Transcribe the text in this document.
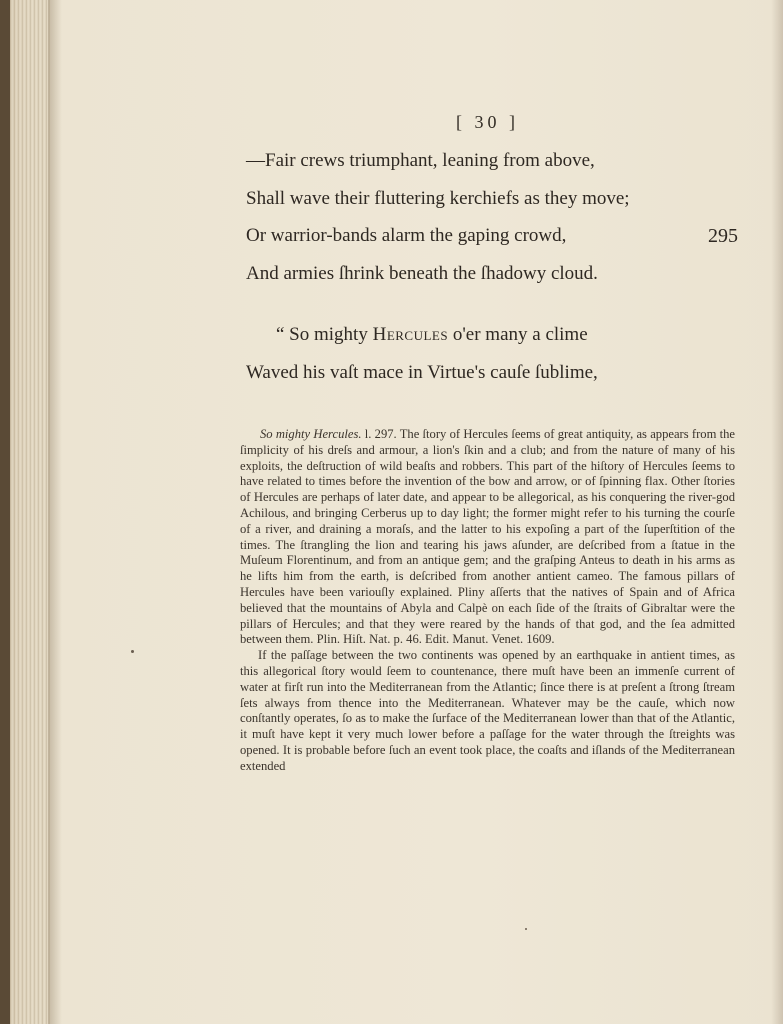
[ 30 ]
—Fair crews triumphant, leaning from above,
Shall wave their fluttering kerchiefs as they move;
Or warrior-bands alarm the gaping crowd,	295
And armies ſhrink beneath the ſhadowy cloud.
“ So mighty Hercules o'er many a clime
Waved his vaſt mace in Virtue's cauſe ſublime,

So mighty Hercules. l. 297. The ſtory of Hercules ſeems of great antiquity, as appears from the ſimplicity of his dreſs and armour, a lion's ſkin and a club; and from the nature of many of his exploits, the deſtruction of wild beaſts and robbers. This part of the hiſtory of Hercules ſeems to have related to times before the invention of the bow and arrow, or of ſpinning flax. Other ſtories of Hercules are perhaps of later date, and appear to be allegorical, as his conquering the river-god Achilous, and bringing Cerberus up to day light; the former might refer to his turning the courſe of a river, and draining a moraſs, and the latter to his expoſing a part of the ſuperſtition of the times. The ſtrangling the lion and tearing his jaws aſunder, are deſcribed from a ſtatue in the Muſeum Florentinum, and from an antique gem; and the graſping Anteus to death in his arms as he lifts him from the earth, is deſcribed from another antient cameo. The famous pillars of Hercules have been variouſly explained. Pliny aſſerts that the natives of Spain and of Africa believed that the mountains of Abyla and Calpè on each ſide of the ſtraits of Gibraltar were the pillars of Hercules; and that they were reared by the hands of that god, and the ſea admitted between them. Plin. Hiſt. Nat. p. 46. Edit. Manut. Venet. 1609.

If the paſſage between the two continents was opened by an earthquake in antient times, as this allegorical ſtory would ſeem to countenance, there muſt have been an immenſe current of water at firſt run into the Mediterranean from the Atlantic; ſince there is at preſent a ſtrong ſtream ſets always from thence into the Mediterranean. Whatever may be the cauſe, which now conſtantly operates, ſo as to make the ſurface of the Mediterranean lower than that of the Atlantic, it muſt have kept it very much lower before a paſſage for the water through the ſtreights was opened. It is probable before ſuch an event took place, the coaſts and iſlands of the Mediterranean extended
